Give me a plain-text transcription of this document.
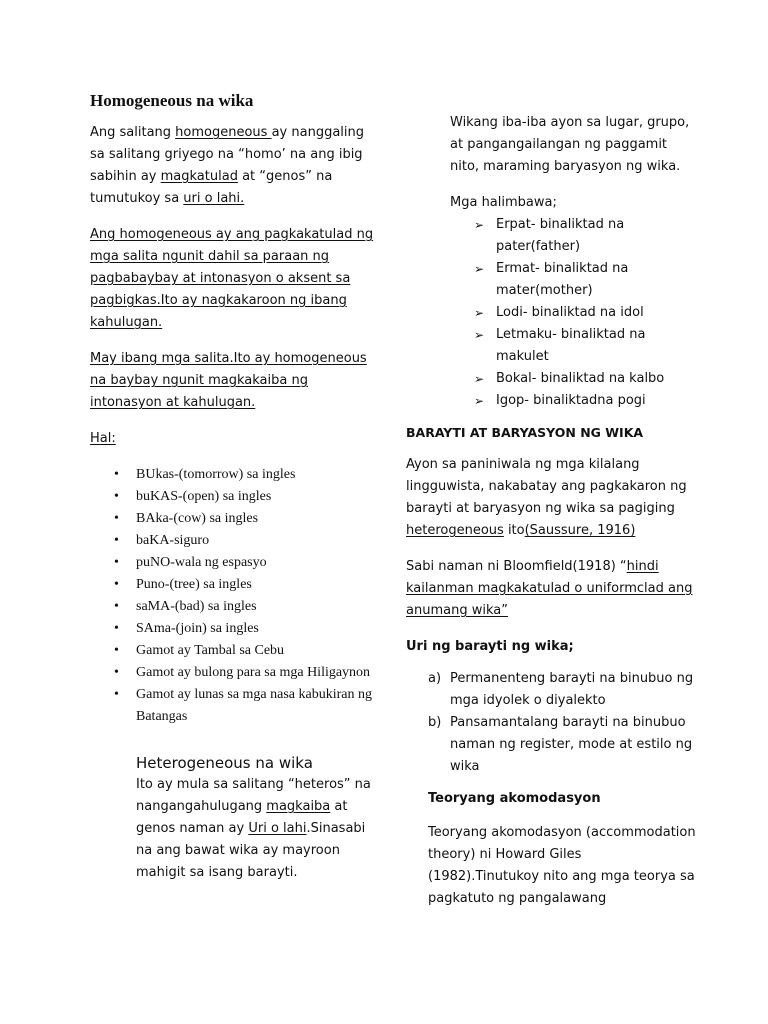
Homogeneous na wika

Ang salitang homogeneous ay nanggaling sa salitang griyego na “homo’ na ang ibig sabihin ay magkatulad at “genos” na tumutukoy sa uri o lahi.

Ang homogeneous ay ang pagkakatulad ng mga salita ngunit dahil sa paraan ng pagbabaybay at intonasyon o aksent sa pagbigkas.Ito ay nagkakaroon ng ibang kahulugan.

May ibang mga salita.Ito ay homogeneous na baybay ngunit magkakaiba ng intonasyon at kahulugan.

Hal:

• BUkas-(tomorrow) sa ingles
• buKAS-(open) sa ingles
• BAka-(cow) sa ingles
• baKA-siguro
• puNO-wala ng espasyo
• Puno-(tree) sa ingles
• saMA-(bad) sa ingles
• SAma-(join) sa ingles
• Gamot ay Tambal sa Cebu
• Gamot ay bulong para sa mga Hiligaynon
• Gamot ay lunas sa mga nasa kabukiran ng Batangas
Heterogeneous na wika

Ito ay mula sa salitang “heteros” na nangangahulugang magkaiba at genos naman ay Uri o lahi.Sinasabi na ang bawat wika ay mayroon mahigit sa isang barayti.

Wikang iba-iba ayon sa lugar, grupo, at pangangailangan ng paggamit nito, maraming baryasyon ng wika.

Mga halimbawa;

➢ Erpat- binaliktad na pater(father)
➢ Ermat- binaliktad na mater(mother)
➢ Lodi- binaliktad na idol
➢ Letmaku- binaliktad na makulet
➢ Bokal- binaliktad na kalbo
➢ Igop- binaliktadna pogi

BARAYTI AT BARYASYON NG WIKA

Ayon sa paniniwala ng mga kilalang lingguwista, nakabatay ang pagkakaron ng barayti at baryasyon ng wika sa pagiging heterogeneous ito(Saussure, 1916)

Sabi naman ni Bloomfield(1918) “hindi kailanman magkakatulad o uniformclad ang anumang wika”

Uri ng barayti ng wika;

a) Permanenteng barayti na binubuo ng mga idyolek o diyalekto
b) Pansamantalang barayti na binubuo naman ng register, mode at estilo ng wika

Teoryang akomodasyon

Teoryang akomodasyon (accommodation theory) ni Howard Giles (1982).Tinutukoy nito ang mga teorya sa pagkatuto ng pangalawang
